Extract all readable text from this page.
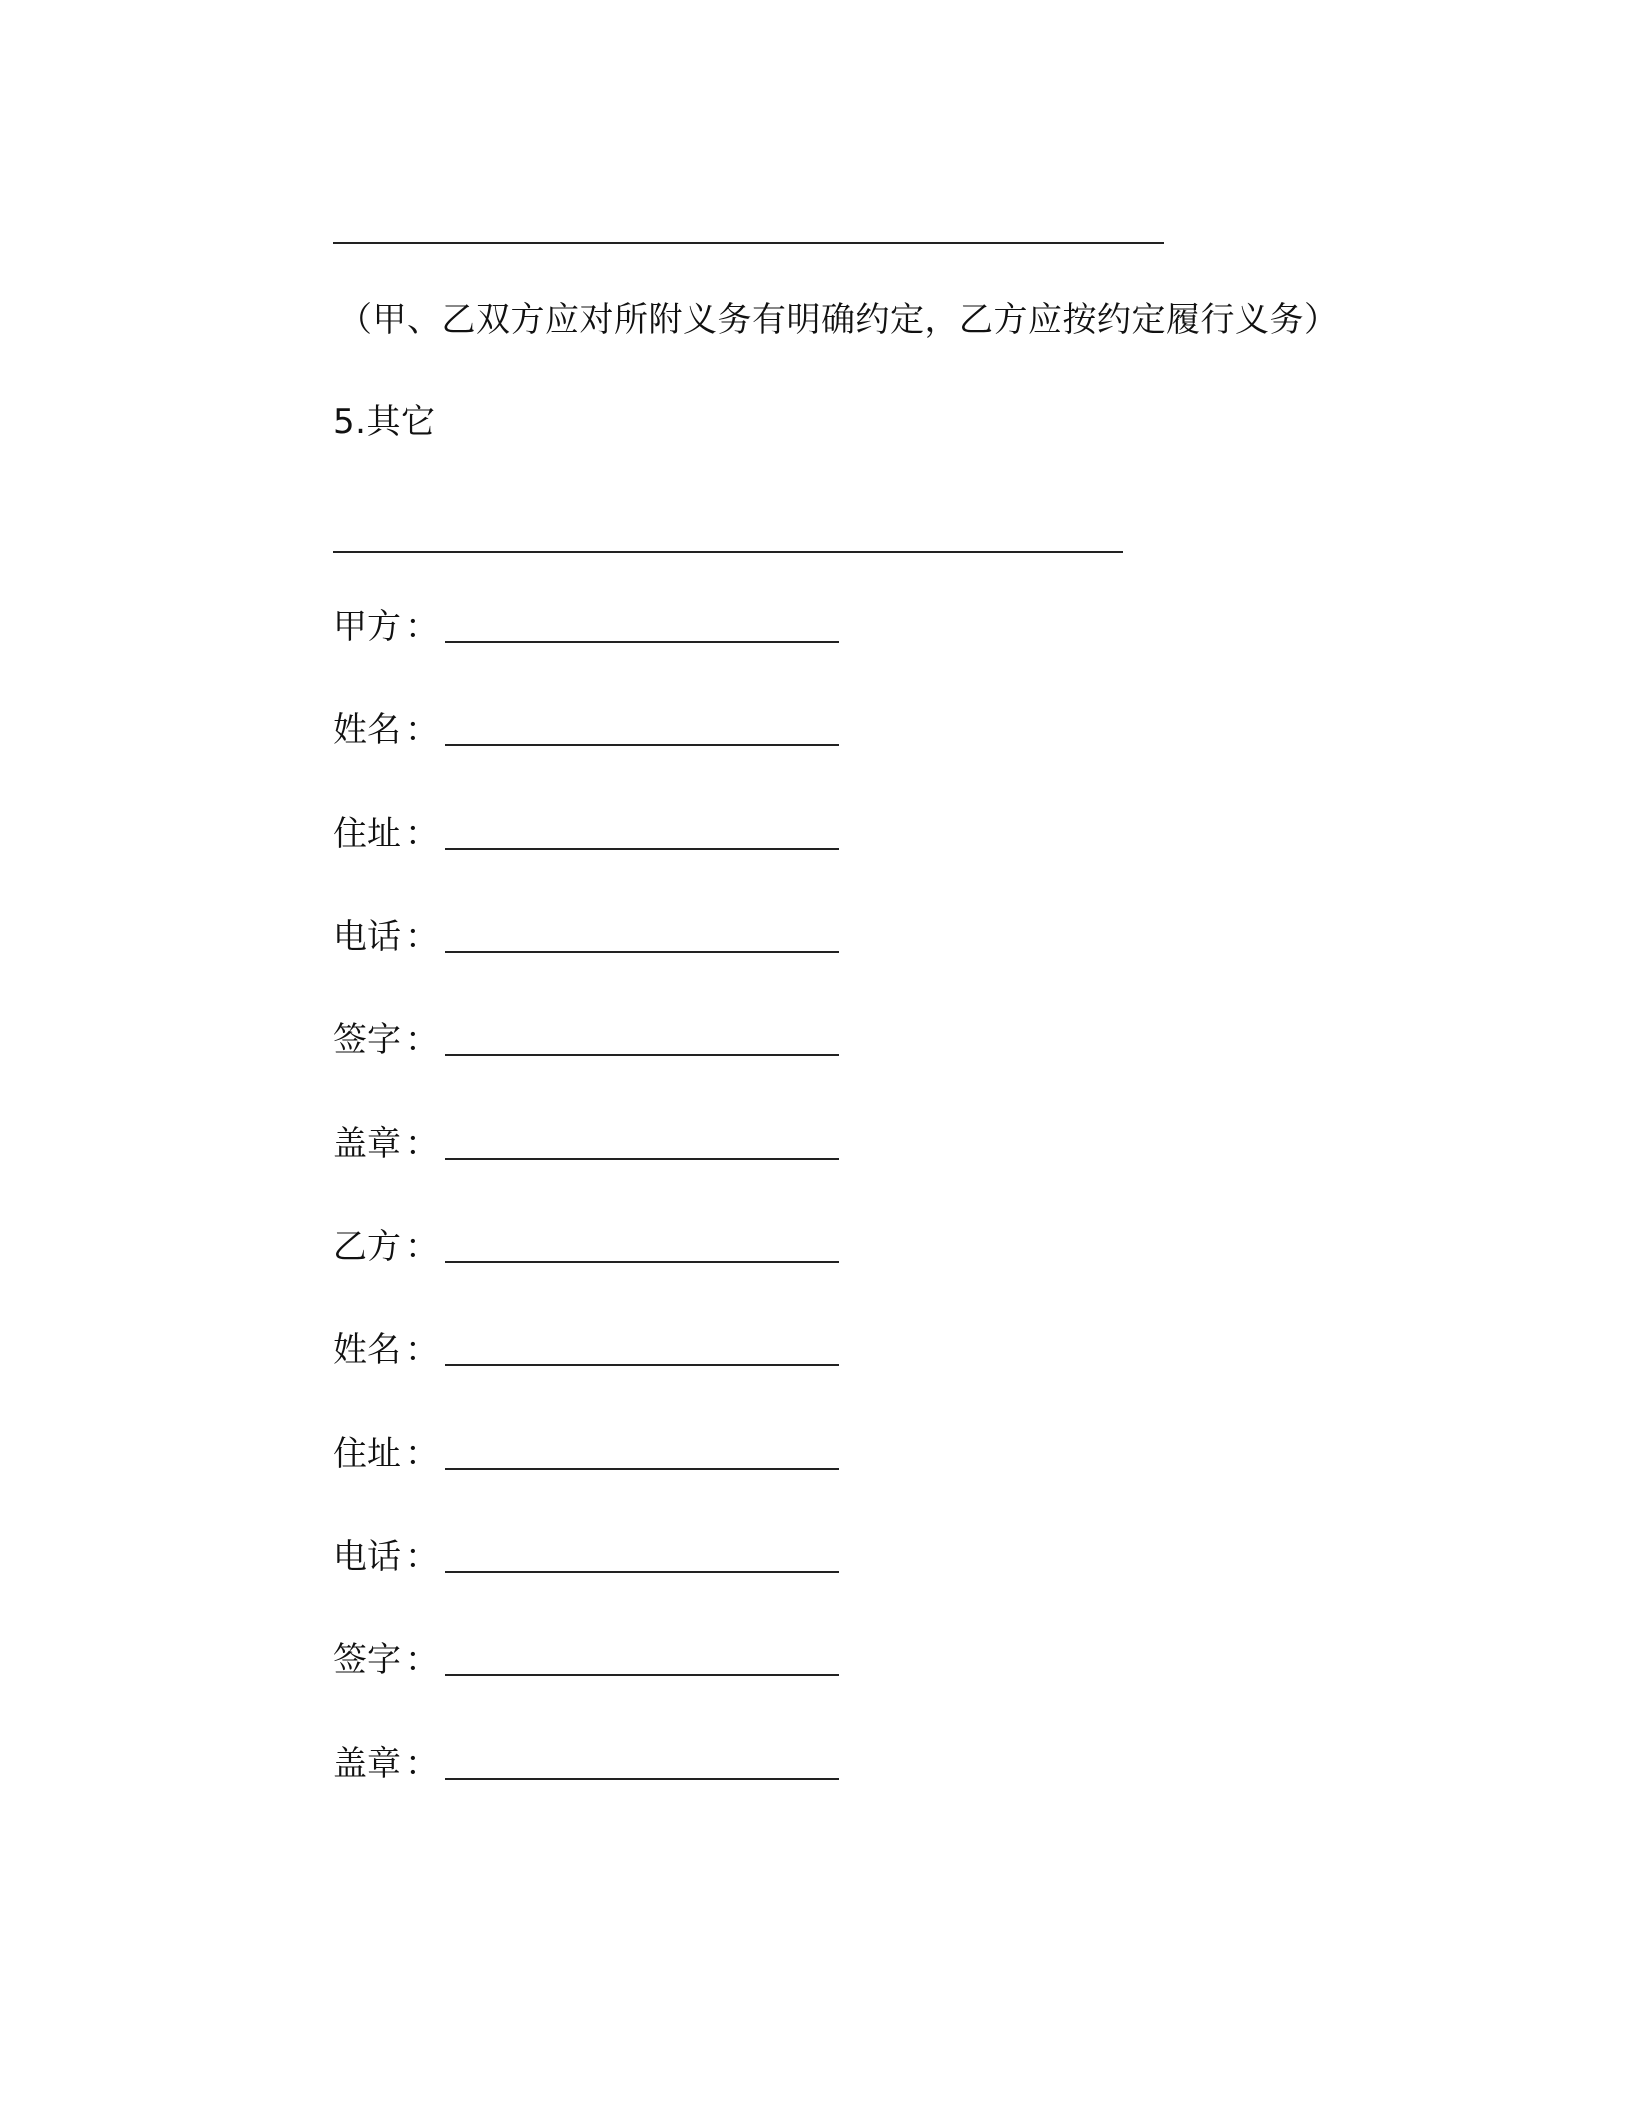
（甲、乙双方应对所附义务有明确约定，乙方应按约定履行义务）
5.其它
甲方 ：
姓名 ：
住址 ：
电话 ：
签字 ：
盖章 ：
乙方 ：
姓名 ：
住址 ：
电话 ：
签字 ：
盖章 ：
